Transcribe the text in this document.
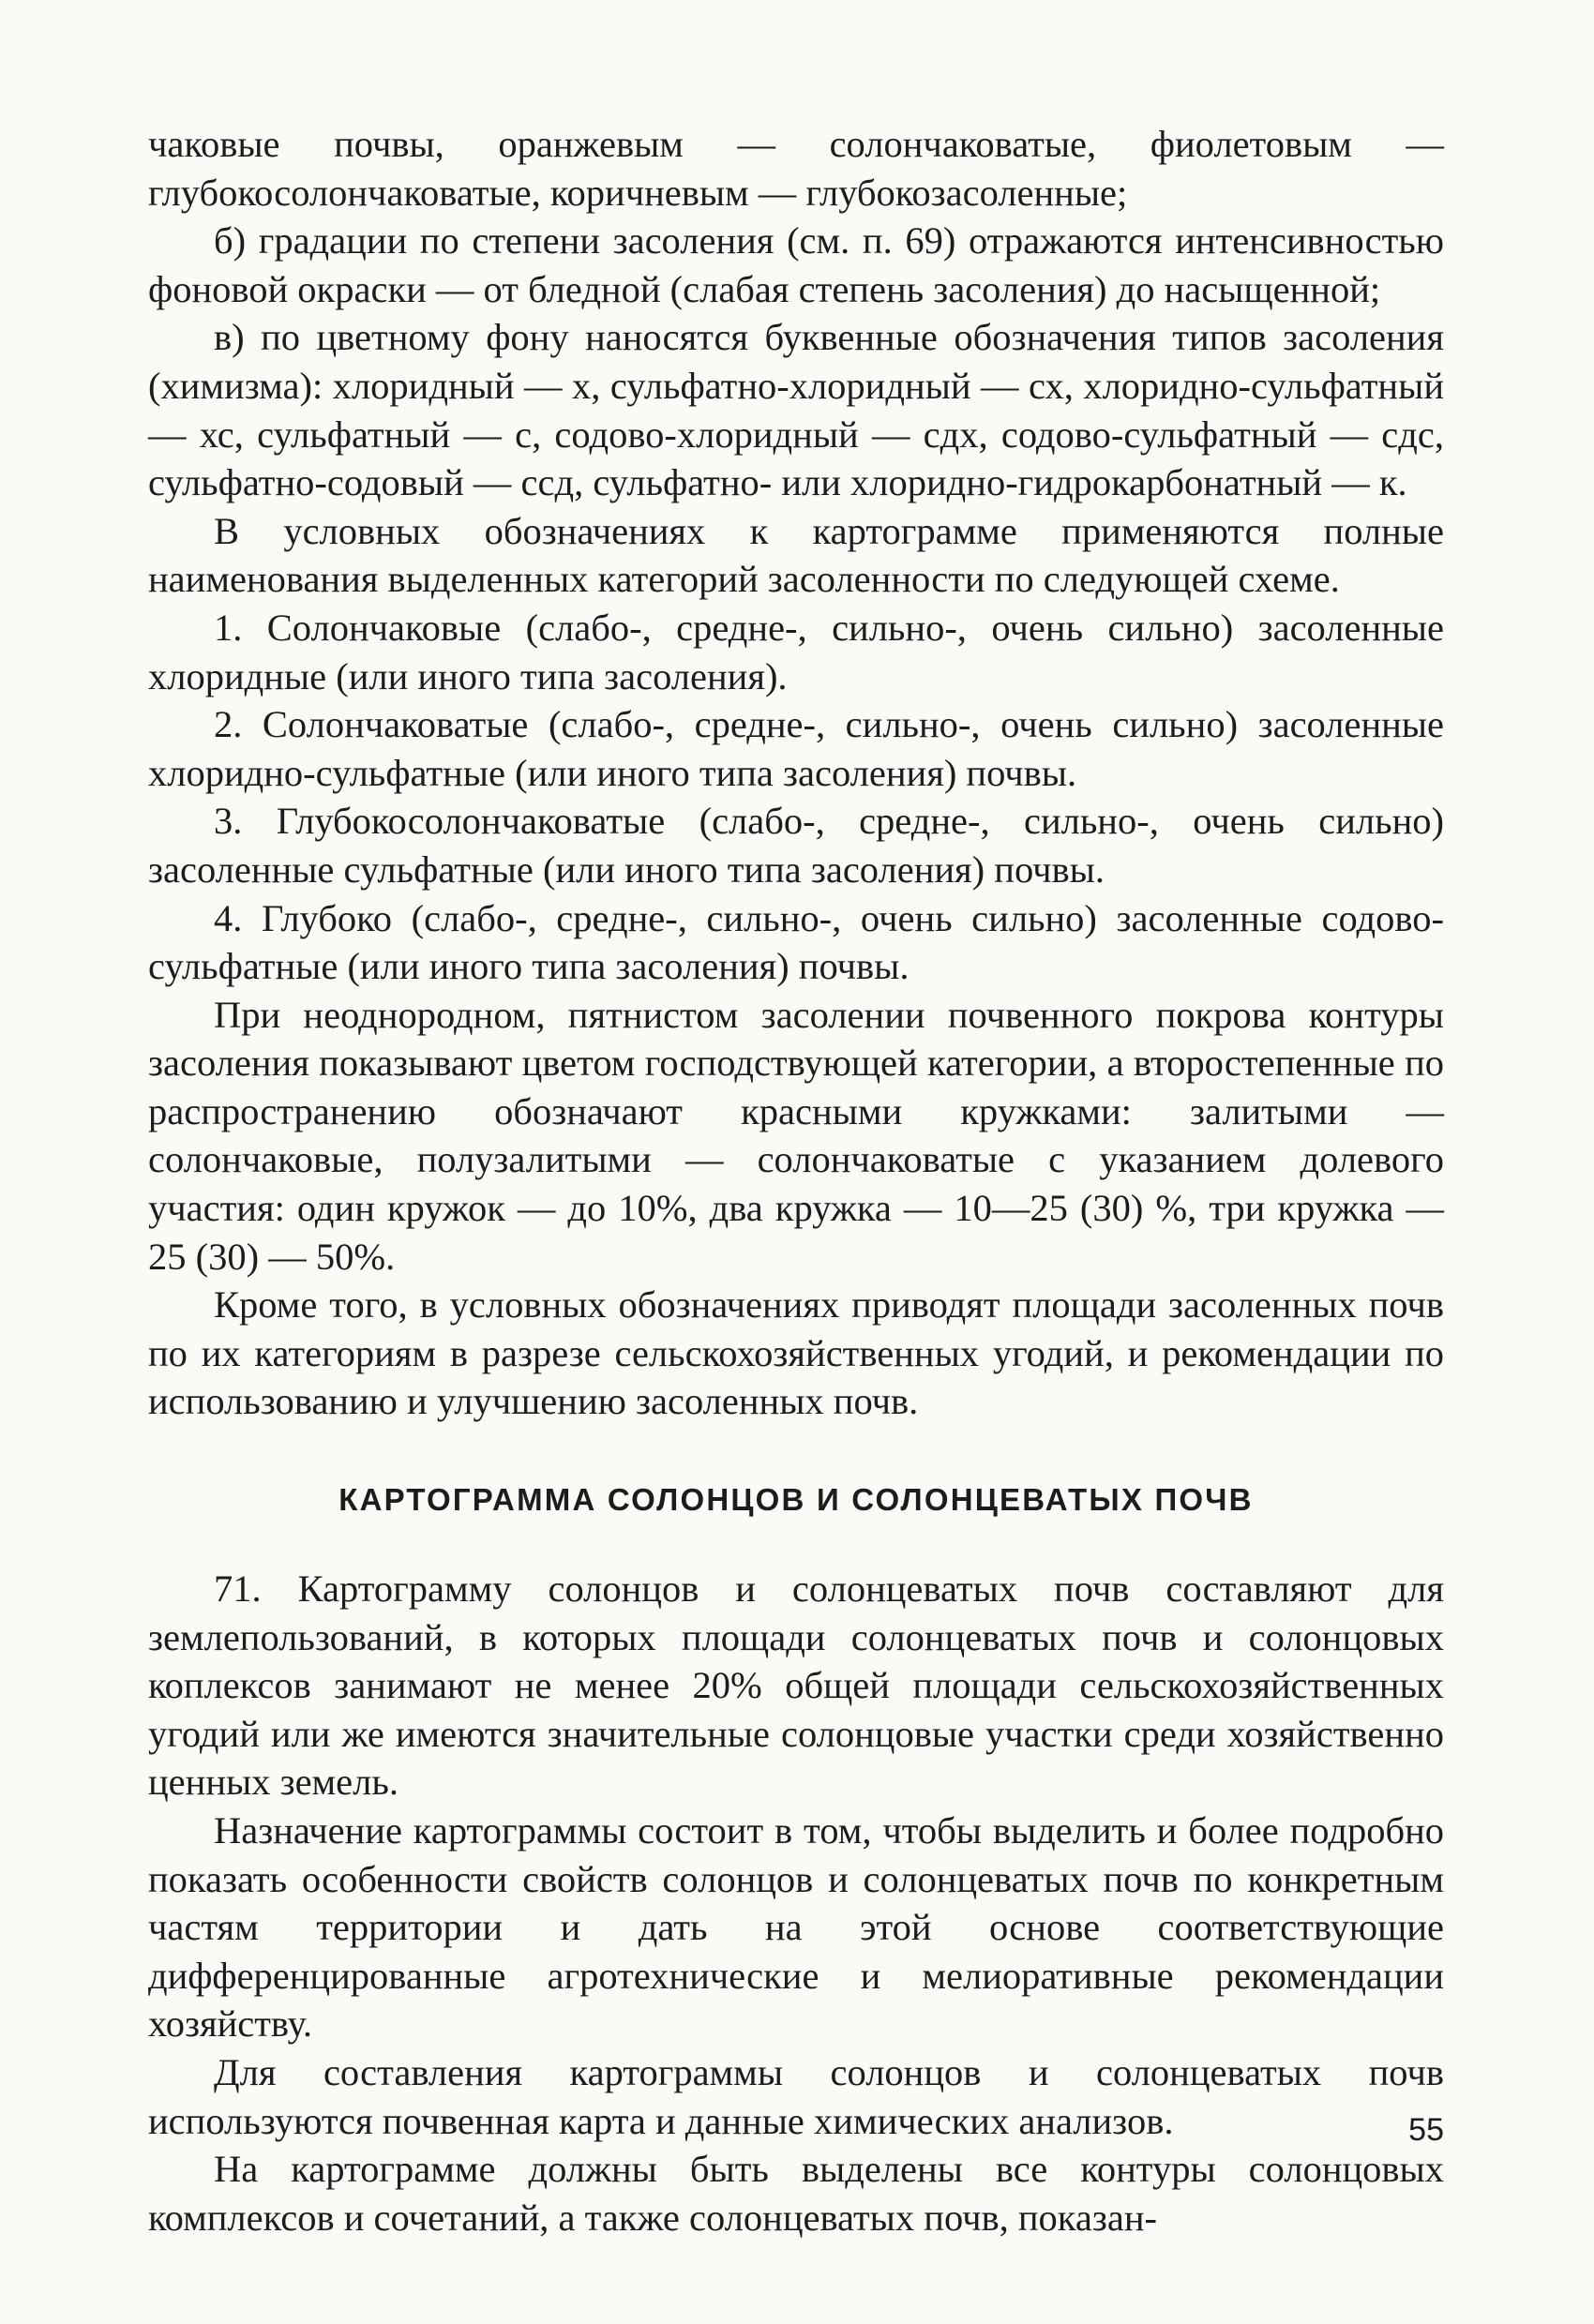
чаковые почвы, оранжевым — солончаковатые, фиолетовым — глубокосолончаковатые, коричневым — глубокозасоленные;

б) градации по степени засоления (см. п. 69) отражаются интенсивностью фоновой окраски — от бледной (слабая степень засоления) до насыщенной;

в) по цветному фону наносятся буквенные обозначения типов засоления (химизма): хлоридный — х, сульфатно-хлоридный — сх, хлоридно-сульфатный — хс, сульфатный — с, содово-хлоридный — сдх, содово-сульфатный — сдс, сульфатно-содовый — ссд, сульфатно- или хлоридно-гидрокарбонатный — к.

В условных обозначениях к картограмме применяются полные наименования выделенных категорий засоленности по следующей схеме.

1. Солончаковые (слабо-, средне-, сильно-, очень сильно) засоленные хлоридные (или иного типа засоления).

2. Солончаковатые (слабо-, средне-, сильно-, очень сильно) засоленные хлоридно-сульфатные (или иного типа засоления) почвы.

3. Глубокосолончаковатые (слабо-, средне-, сильно-, очень сильно) засоленные сульфатные (или иного типа засоления) почвы.

4. Глубоко (слабо-, средне-, сильно-, очень сильно) засоленные содово-сульфатные (или иного типа засоления) почвы.

При неоднородном, пятнистом засолении почвенного покрова контуры засоления показывают цветом господствующей категории, а второстепенные по распространению обозначают красными кружками: залитыми — солончаковые, полузалитыми — солончаковатые с указанием долевого участия: один кружок — до 10%, два кружка — 10—25 (30) %, три кружка — 25 (30) — 50%.

Кроме того, в условных обозначениях приводят площади засоленных почв по их категориям в разрезе сельскохозяйственных угодий, и рекомендации по использованию и улучшению засоленных почв.

КАРТОГРАММА СОЛОНЦОВ И СОЛОНЦЕВАТЫХ ПОЧВ

71. Картограмму солонцов и солонцеватых почв составляют для землепользований, в которых площади солонцеватых почв и солонцовых коплексов занимают не менее 20% общей площади сельскохозяйственных угодий или же имеются значительные солонцовые участки среди хозяйственно ценных земель.

Назначение картограммы состоит в том, чтобы выделить и более подробно показать особенности свойств солонцов и солонцеватых почв по конкретным частям территории и дать на этой основе соответствующие дифференцированные агротехнические и мелиоративные рекомендации хозяйству.

Для составления картограммы солонцов и солонцеватых почв используются почвенная карта и данные химических анализов.

На картограмме должны быть выделены все контуры солонцовых комплексов и сочетаний, а также солонцеватых почв, показан-

55
